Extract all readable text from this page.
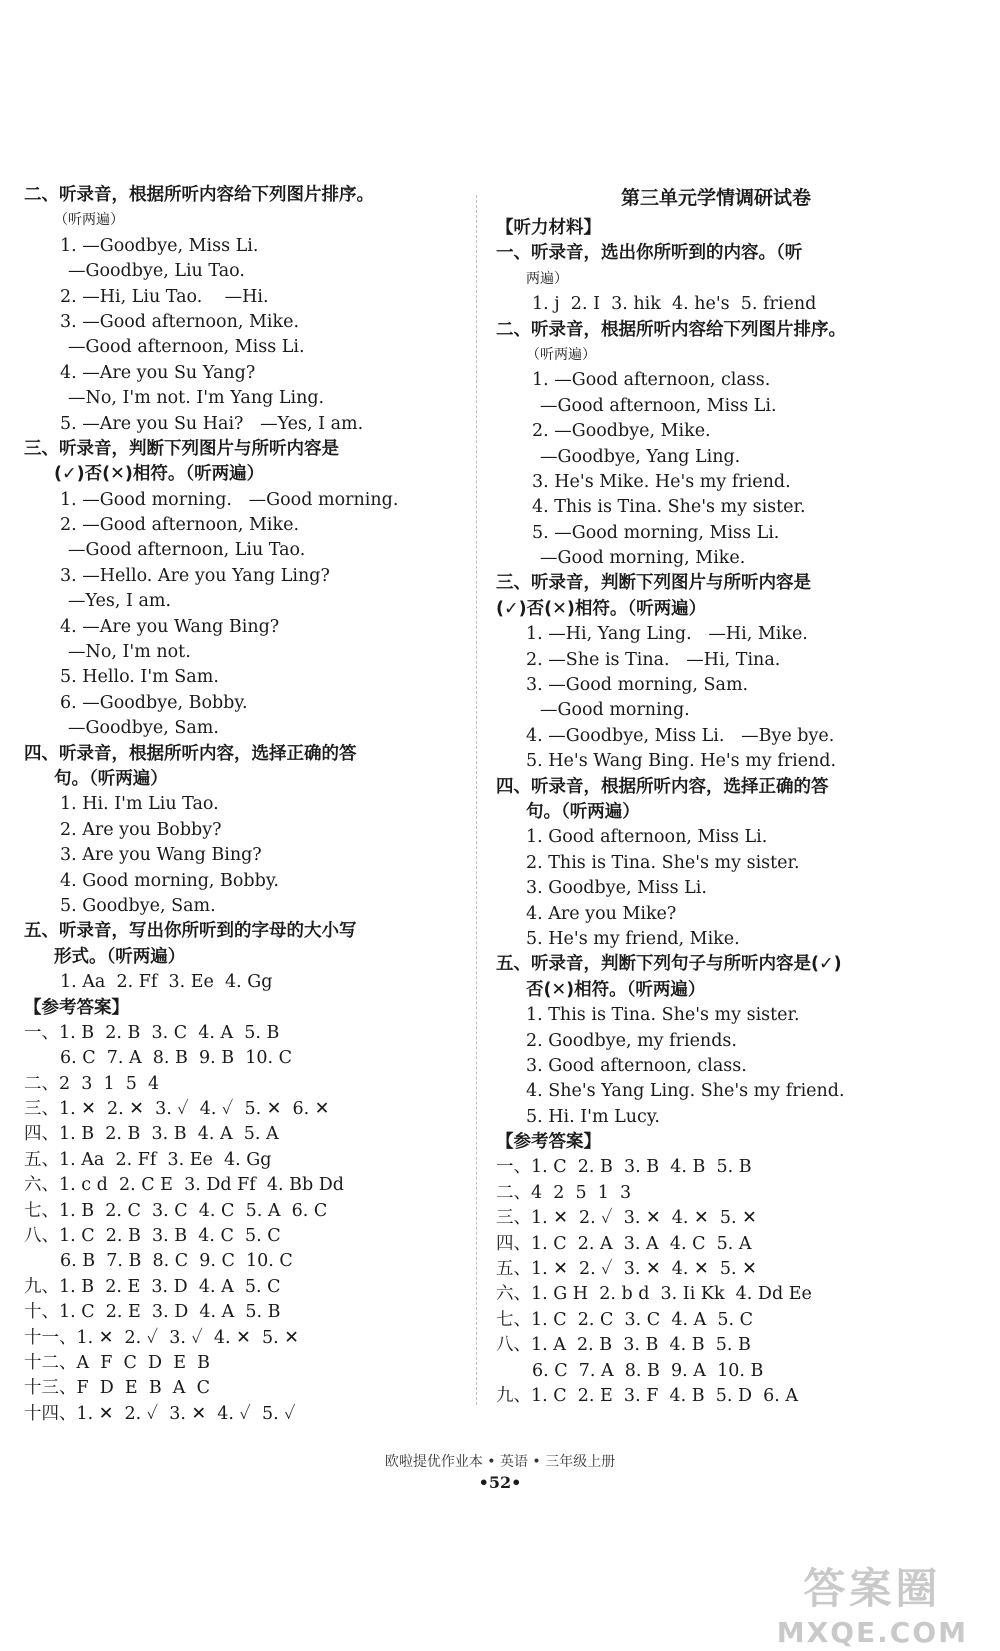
二、听录音，根据所听内容给下列图片排序。
（听两遍）
1. —Goodbye, Miss Li.
—Goodbye, Liu Tao.
2. —Hi, Liu Tao.    —Hi.
3. —Good afternoon, Mike.
—Good afternoon, Miss Li.
4. —Are you Su Yang?
—No, I'm not. I'm Yang Ling.
5. —Are you Su Hai?   —Yes, I am.
三、听录音，判断下列图片与所听内容是
(✓)否(✕)相符。（听两遍）
1. —Good morning.   —Good morning.
2. —Good afternoon, Mike.
—Good afternoon, Liu Tao.
3. —Hello. Are you Yang Ling?
—Yes, I am.
4. —Are you Wang Bing?
—No, I'm not.
5. Hello. I'm Sam.
6. —Goodbye, Bobby.
—Goodbye, Sam.
四、听录音，根据所听内容，选择正确的答
句。（听两遍）
1. Hi. I'm Liu Tao.
2. Are you Bobby?
3. Are you Wang Bing?
4. Good morning, Bobby.
5. Goodbye, Sam.
五、听录音，写出你所听到的字母的大小写
形式。（听两遍）
1. Aa  2. Ff  3. Ee  4. Gg
【参考答案】
一、1. B  2. B  3. C  4. A  5. B
6. C  7. A  8. B  9. B  10. C
二、2  3  1  5  4
三、1. ✕  2. ✕  3. ✓  4. ✓  5. ✕  6. ✕
四、1. B  2. B  3. B  4. A  5. A
五、1. Aa  2. Ff  3. Ee  4. Gg
六、1. c d  2. C E  3. Dd Ff  4. Bb Dd
七、1. B  2. C  3. C  4. C  5. A  6. C
八、1. C  2. B  3. B  4. C  5. C
6. B  7. B  8. C  9. C  10. C
九、1. B  2. E  3. D  4. A  5. C
十、1. C  2. E  3. D  4. A  5. B
十一、1. ✕  2. ✓  3. ✓  4. ✕  5. ✕
十二、A  F  C  D  E  B
十三、F  D  E  B  A  C
十四、1. ✕  2. ✓  3. ✕  4. ✓  5. ✓
第三单元学情调研试卷
【听力材料】
一、听录音，选出你所听到的内容。（听
两遍）
1. j  2. I  3. hik  4. he's  5. friend
二、听录音，根据所听内容给下列图片排序。
（听两遍）
1. —Good afternoon, class.
—Good afternoon, Miss Li.
2. —Goodbye, Mike.
—Goodbye, Yang Ling.
3. He's Mike. He's my friend.
4. This is Tina. She's my sister.
5. —Good morning, Miss Li.
—Good morning, Mike.
三、听录音，判断下列图片与所听内容是
(✓)否(✕)相符。（听两遍）
1. —Hi, Yang Ling.   —Hi, Mike.
2. —She is Tina.   —Hi, Tina.
3. —Good morning, Sam.
—Good morning.
4. —Goodbye, Miss Li.   —Bye bye.
5. He's Wang Bing. He's my friend.
四、听录音，根据所听内容，选择正确的答
句。（听两遍）
1. Good afternoon, Miss Li.
2. This is Tina. She's my sister.
3. Goodbye, Miss Li.
4. Are you Mike?
5. He's my friend, Mike.
五、听录音，判断下列句子与所听内容是(✓)
否(✕)相符。（听两遍）
1. This is Tina. She's my sister.
2. Goodbye, my friends.
3. Good afternoon, class.
4. She's Yang Ling. She's my friend.
5. Hi. I'm Lucy.
【参考答案】
一、1. C  2. B  3. B  4. B  5. B
二、4  2  5  1  3
三、1. ✕  2. ✓  3. ✕  4. ✕  5. ✕
四、1. C  2. A  3. A  4. C  5. A
五、1. ✕  2. ✓  3. ✕  4. ✕  5. ✕
六、1. G H  2. b d  3. Ii Kk  4. Dd Ee
七、1. C  2. C  3. C  4. A  5. C
八、1. A  2. B  3. B  4. B  5. B
6. C  7. A  8. B  9. A  10. B
九、1. C  2. E  3. F  4. B  5. D  6. A
欧啦提优作业本 • 英语 • 三年级上册
•52•
答案圈
MXQE.COM
